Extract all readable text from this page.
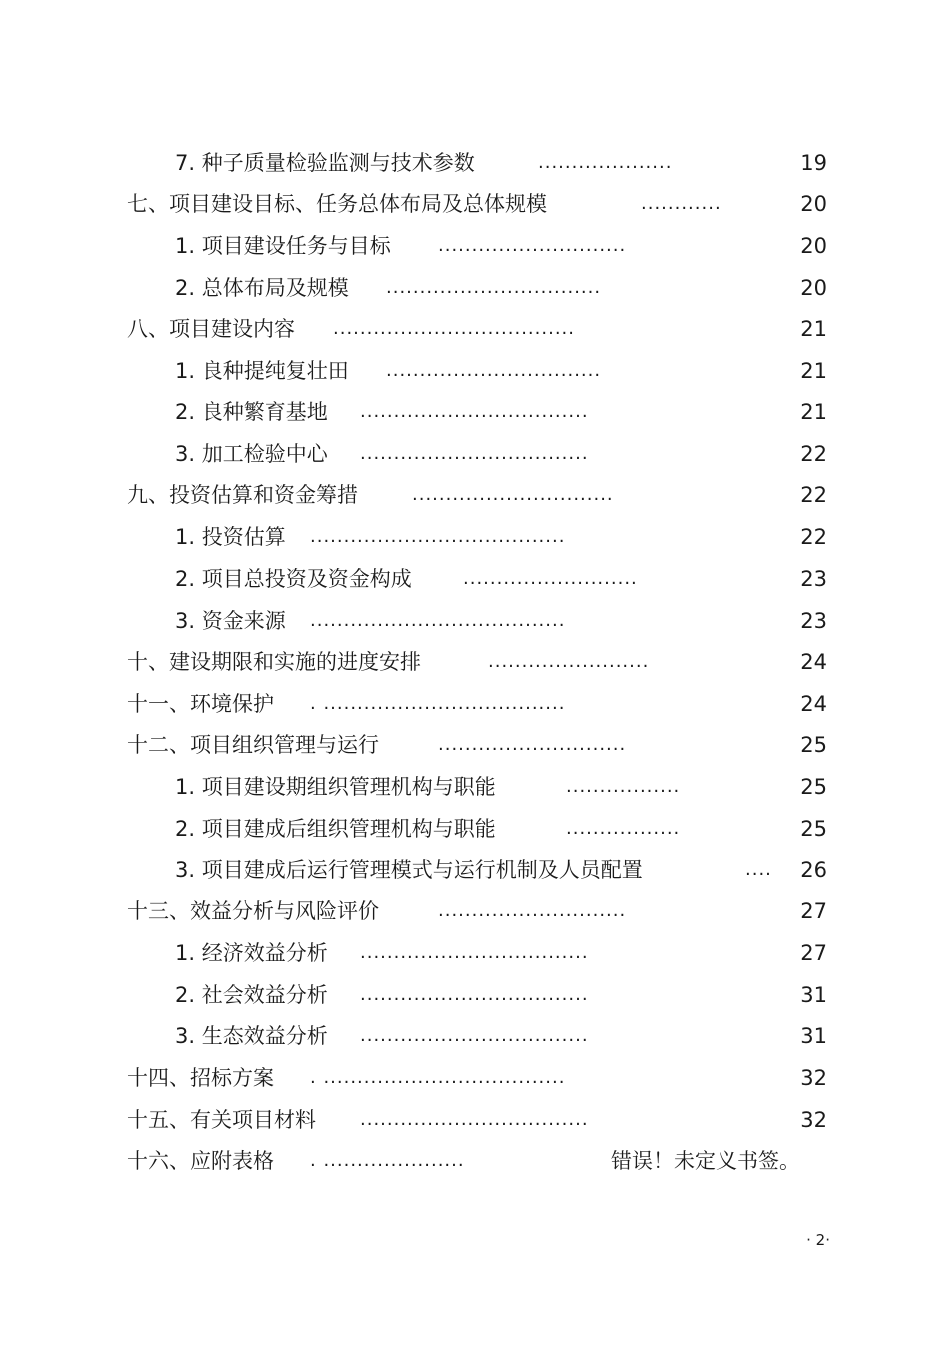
7. 种子质量检验监测与技术参数	....................	19
七、项目建设目标、任务总体布局及总体规模	............	20
1. 项目建设任务与目标	............................	20
2. 总体布局及规模 ................................	20
八、项目建设内容 ....................................	21
1. 良种提纯复壮田 ................................	21
2. 良种繁育基地 ..................................	21
3. 加工检验中心 ..................................	22
九、投资估算和资金筹措	..............................	22
1. 投资估算 ......................................	22
2. 项目总投资及资金构成	..........................	23
3. 资金来源 ......................................	23
十、建设期限和实施的进度安排	........................	24
十一、环境保护 . ....................................	24
十二、项目组织管理与运行	............................	25
1. 项目建设期组织管理机构与职能	.................	25
2. 项目建成后组织管理机构与职能	.................	25
3. 项目建成后运行管理模式与运行机制及人员配置	.... 26
十三、效益分析与风险评价	............................	27
1. 经济效益分析 ..................................	27
2. 社会效益分析 ..................................	31
3. 生态效益分析 ..................................	31
十四、招标方案 . ....................................	32
十五、有关项目材料 ..................................	32
十六、应附表格 . .....................	错误！未定义书签。
· 2·
